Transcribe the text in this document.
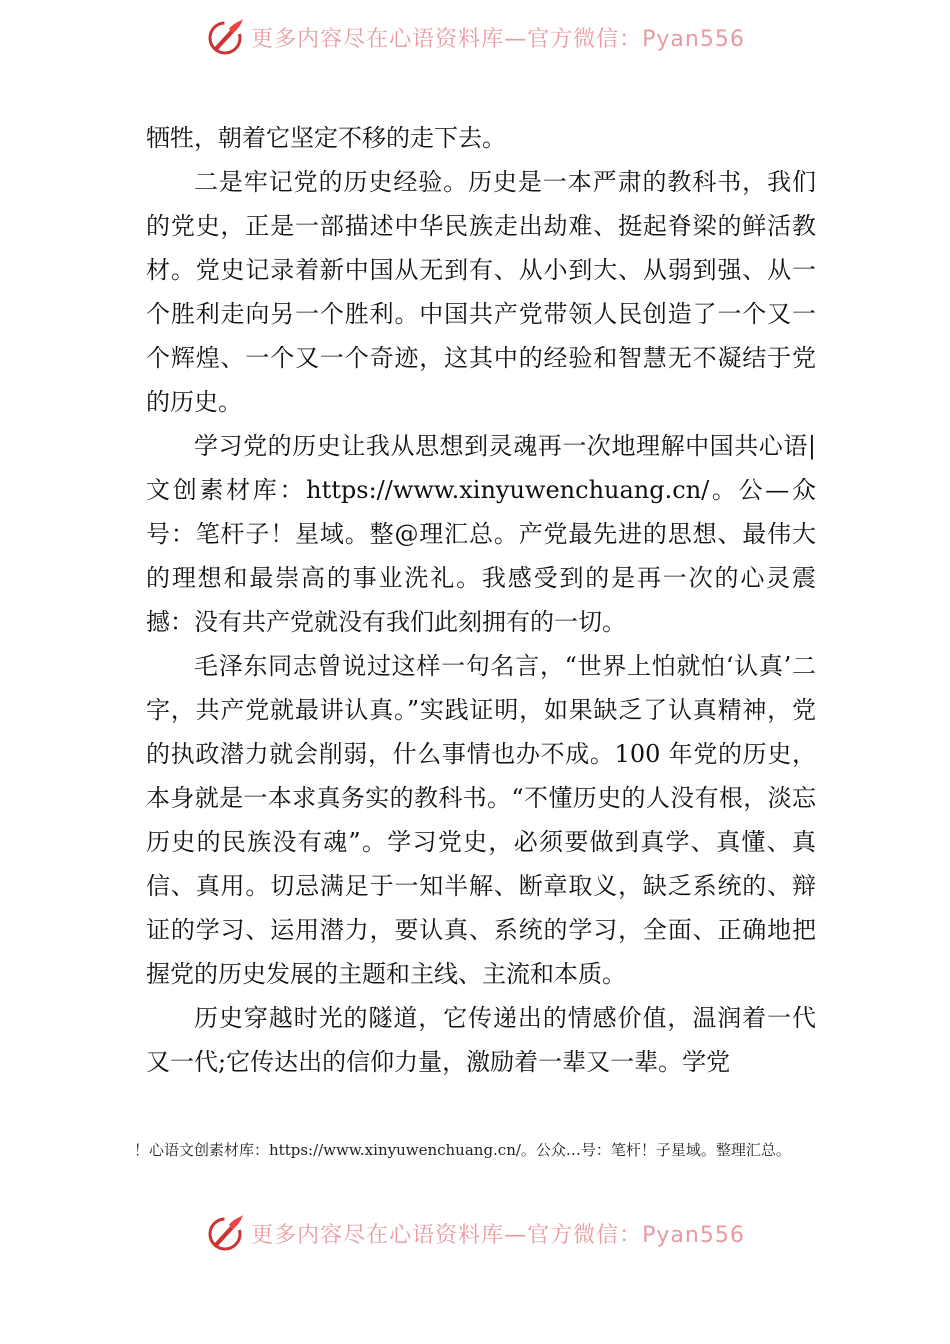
更多内容尽在心语资料库—官方微信：Pyan556

牺牲，朝着它坚定不移的走下去。

二是牢记党的历史经验。历史是一本严肃的教科书，我们的党史，正是一部描述中华民族走出劫难、挺起脊梁的鲜活教材。党史记录着新中国从无到有、从小到大、从弱到强、从一个胜利走向另一个胜利。中国共产党带领人民创造了一个又一个辉煌、一个又一个奇迹，这其中的经验和智慧无不凝结于党的历史。

学习党的历史让我从思想到灵魂再一次地理解中国共心语|文创素材库：https://www.xinyuwenchuang.cn/。公—众号：笔杆子！星域。整@理汇总。产党最先进的思想、最伟大的理想和最崇高的事业洗礼。我感受到的是再一次的心灵震撼：没有共产党就没有我们此刻拥有的一切。

毛泽东同志曾说过这样一句名言，“世界上怕就怕‘认真’二字，共产党就最讲认真。”实践证明，如果缺乏了认真精神，党的执政潜力就会削弱，什么事情也办不成。100 年党的历史，本身就是一本求真务实的教科书。“不懂历史的人没有根，淡忘历史的民族没有魂”。学习党史，必须要做到真学、真懂、真信、真用。切忌满足于一知半解、断章取义，缺乏系统的、辩证的学习、运用潜力，要认真、系统的学习，全面、正确地把握党的历史发展的主题和主线、主流和本质。

历史穿越时光的隧道，它传递出的情感价值，温润着一代又一代;它传达出的信仰力量，激励着一辈又一辈。学党

！心语文创素材库：https://www.xinyuwenchuang.cn/。公众…号：笔杆！子星域。整理汇总。

更多内容尽在心语资料库—官方微信：Pyan556
